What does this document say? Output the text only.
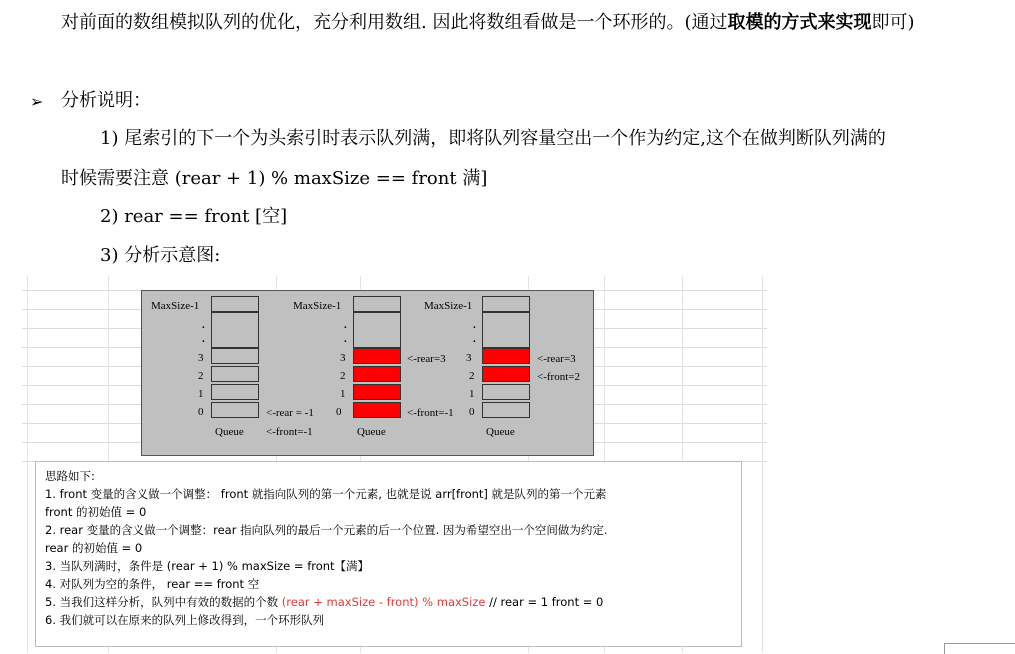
对前面的数组模拟队列的优化，充分利用数组. 因此将数组看做是一个环形的。(通过取模的方式来实现即可)
➢ 分析说明：
1) 尾索引的下一个为头索引时表示队列满，即将队列容量空出一个作为约定,这个在做判断队列满的
时候需要注意 (rear + 1) % maxSize == front 满]
2) rear == front [空]
3) 分析示意图:
MaxSize-1
.
.
3
2
1
0	<-rear = -1
Queue <-front=-1
MaxSize-1
.
.
3
2
1
0
<-rear=3
<-front=-1
Queue
MaxSize-1
.
.
3
2
1
0
<-rear=3
<-front=2
Queue
思路如下:
1. front 变量的含义做一个调整： front 就指向队列的第一个元素, 也就是说 arr[front] 就是队列的第一个元素
front 的初始值 = 0
2. rear 变量的含义做一个调整：rear 指向队列的最后一个元素的后一个位置. 因为希望空出一个空间做为约定.
rear 的初始值 = 0
3. 当队列满时，条件是 (rear + 1) % maxSize = front【满】
4. 对队列为空的条件， rear == front 空
5. 当我们这样分析，队列中有效的数据的个数 (rear + maxSize - front) % maxSize // rear = 1 front = 0
6. 我们就可以在原来的队列上修改得到，一个环形队列
